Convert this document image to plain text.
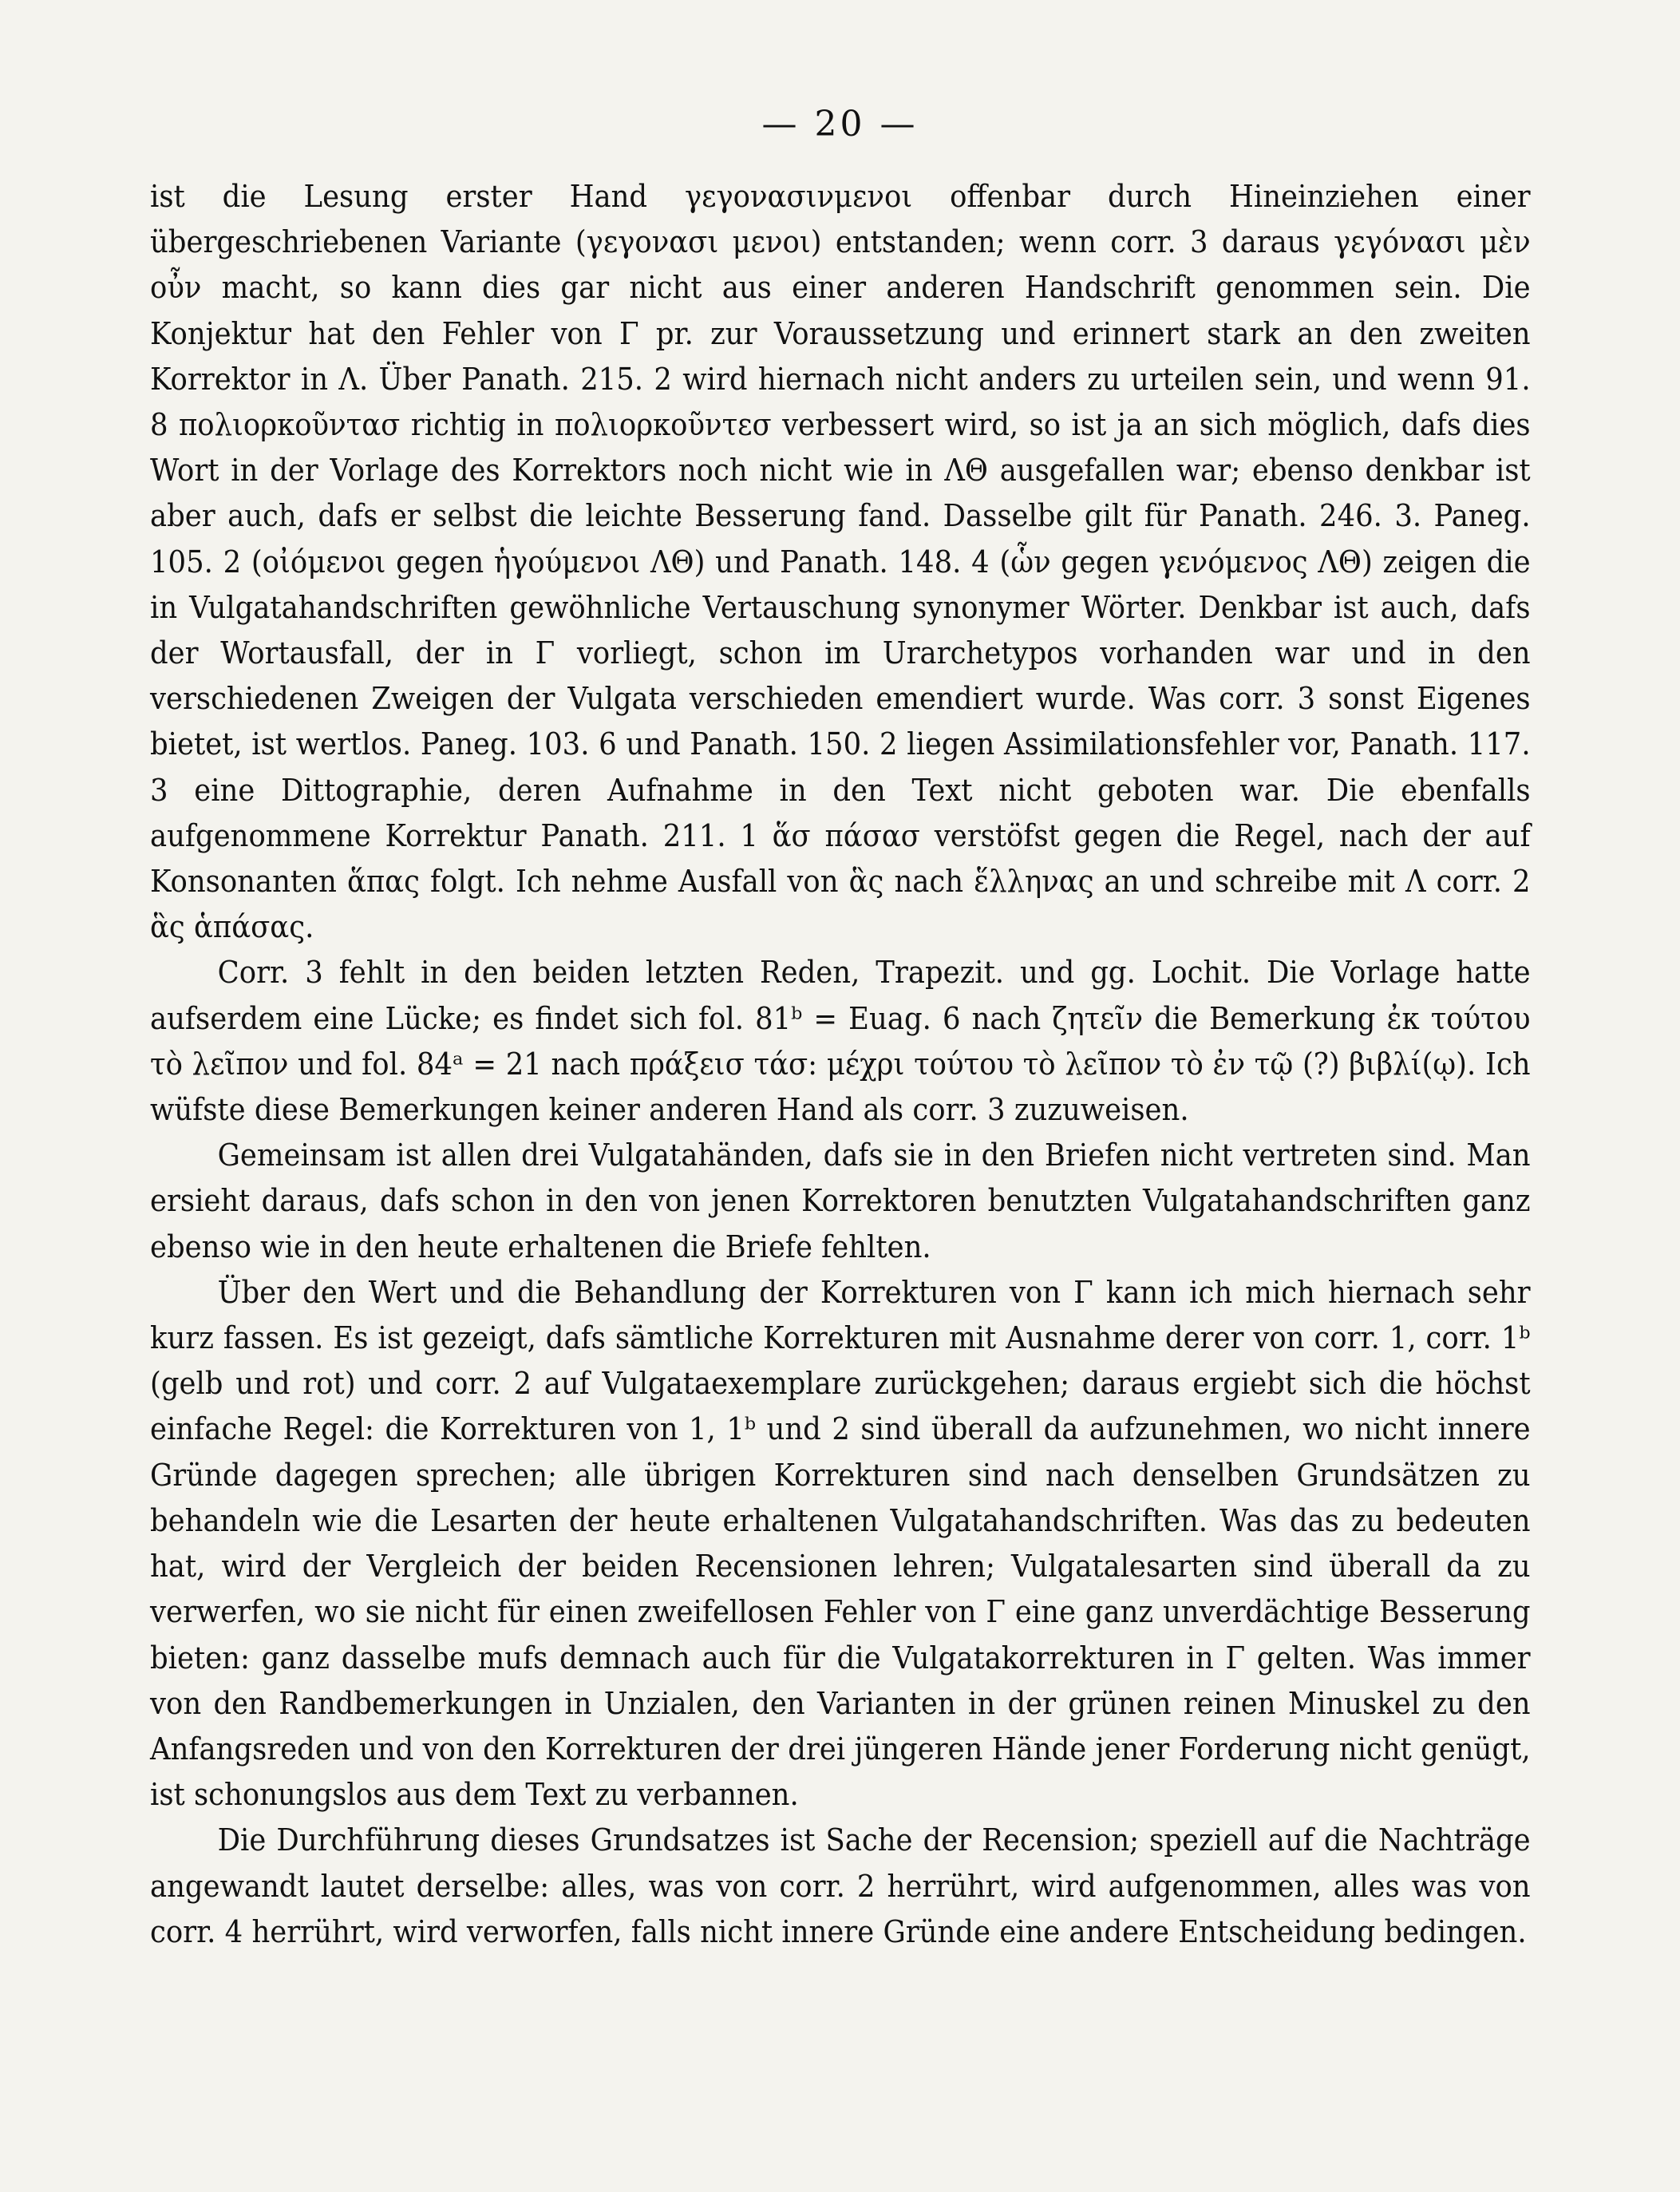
— 20 —

ist die Lesung erster Hand γεγονασινμενοι offenbar durch Hineinziehen einer übergeschriebenen Variante (γεγονασι μενοι) entstanden; wenn corr. 3 daraus γεγόνασι μὲν οὖν macht, so kann dies gar nicht aus einer anderen Handschrift genommen sein. Die Konjektur hat den Fehler von Γ pr. zur Voraussetzung und erinnert stark an den zweiten Korrektor in Λ. Über Panath. 215. 2 wird hiernach nicht anders zu urteilen sein, und wenn 91. 8 πολιορκοῦντασ richtig in πολιορκοῦντεσ verbessert wird, so ist ja an sich möglich, dafs dies Wort in der Vorlage des Korrektors noch nicht wie in ΛΘ ausgefallen war; ebenso denkbar ist aber auch, dafs er selbst die leichte Besserung fand. Dasselbe gilt für Panath. 246. 3. Paneg. 105. 2 (οἰόμενοι gegen ἡγούμενοι ΛΘ) und Panath. 148. 4 (ὧν gegen γενόμενος ΛΘ) zeigen die in Vulgatahandschriften gewöhnliche Vertauschung synonymer Wörter. Denkbar ist auch, dafs der Wortausfall, der in Γ vorliegt, schon im Urarchetypos vorhanden war und in den verschiedenen Zweigen der Vulgata verschieden emendiert wurde. Was corr. 3 sonst Eigenes bietet, ist wertlos. Paneg. 103. 6 und Panath. 150. 2 liegen Assimilationsfehler vor, Panath. 117. 3 eine Dittographie, deren Aufnahme in den Text nicht geboten war. Die ebenfalls aufgenommene Korrektur Panath. 211. 1 ἅσ πάσασ verstöfst gegen die Regel, nach der auf Konsonanten ἅπας folgt. Ich nehme Ausfall von ἃς nach ἕλληνας an und schreibe mit Λ corr. 2 ἃς ἁπάσας.

Corr. 3 fehlt in den beiden letzten Reden, Trapezit. und gg. Lochit. Die Vorlage hatte aufserdem eine Lücke; es findet sich fol. 81ᵇ = Euag. 6 nach ζητεῖν die Bemerkung ἐκ τούτου τὸ λεῖπον und fol. 84ᵃ = 21 nach πράξεισ τάσ: μέχρι τούτου τὸ λεῖπον τὸ ἐν τῷ (?) βιβλί(ῳ). Ich wüfste diese Bemerkungen keiner anderen Hand als corr. 3 zuzuweisen.

Gemeinsam ist allen drei Vulgatahänden, dafs sie in den Briefen nicht vertreten sind. Man ersieht daraus, dafs schon in den von jenen Korrektoren benutzten Vulgatahandschriften ganz ebenso wie in den heute erhaltenen die Briefe fehlten.

Über den Wert und die Behandlung der Korrekturen von Γ kann ich mich hiernach sehr kurz fassen. Es ist gezeigt, dafs sämtliche Korrekturen mit Ausnahme derer von corr. 1, corr. 1ᵇ (gelb und rot) und corr. 2 auf Vulgataexemplare zurückgehen; daraus ergiebt sich die höchst einfache Regel: die Korrekturen von 1, 1ᵇ und 2 sind überall da aufzunehmen, wo nicht innere Gründe dagegen sprechen; alle übrigen Korrekturen sind nach denselben Grundsätzen zu behandeln wie die Lesarten der heute erhaltenen Vulgatahandschriften. Was das zu bedeuten hat, wird der Vergleich der beiden Recensionen lehren; Vulgatalesarten sind überall da zu verwerfen, wo sie nicht für einen zweifellosen Fehler von Γ eine ganz unverdächtige Besserung bieten: ganz dasselbe mufs demnach auch für die Vulgatakorrekturen in Γ gelten. Was immer von den Randbemerkungen in Unzialen, den Varianten in der grünen reinen Minuskel zu den Anfangsreden und von den Korrekturen der drei jüngeren Hände jener Forderung nicht genügt, ist schonungslos aus dem Text zu verbannen.

Die Durchführung dieses Grundsatzes ist Sache der Recension; speziell auf die Nachträge angewandt lautet derselbe: alles, was von corr. 2 herrührt, wird aufgenommen, alles was von corr. 4 herrührt, wird verworfen, falls nicht innere Gründe eine andere Entscheidung bedingen.
